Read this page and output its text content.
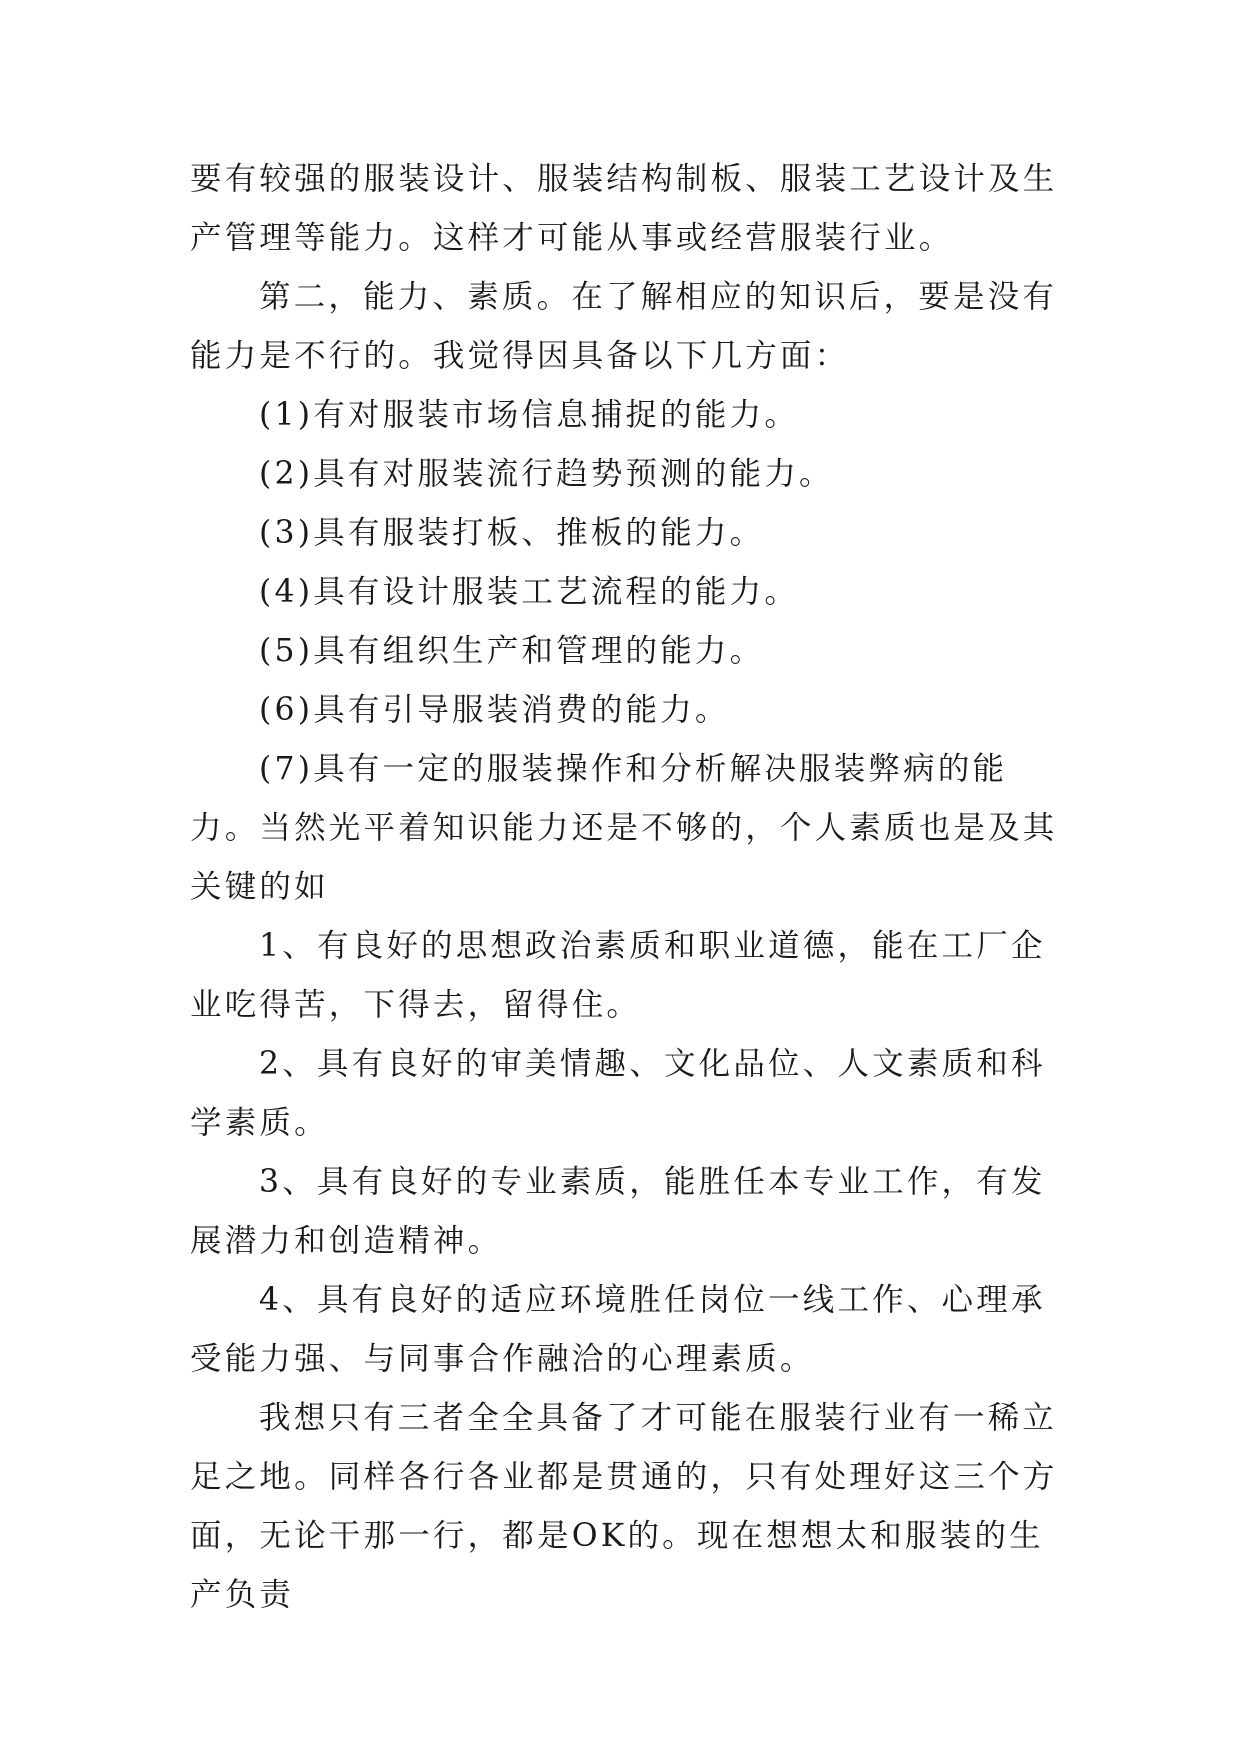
要有较强的服装设计、服装结构制板、服装工艺设计及生产管理等能力。这样才可能从事或经营服装行业。

第二，能力、素质。在了解相应的知识后，要是没有能力是不行的。我觉得因具备以下几方面：

(1)有对服装市场信息捕捉的能力。

(2)具有对服装流行趋势预测的能力。

(3)具有服装打板、推板的能力。

(4)具有设计服装工艺流程的能力。

(5)具有组织生产和管理的能力。

(6)具有引导服装消费的能力。

(7)具有一定的服装操作和分析解决服装弊病的能力。当然光平着知识能力还是不够的，个人素质也是及其关键的如

1、有良好的思想政治素质和职业道德，能在工厂企业吃得苦，下得去，留得住。

2、具有良好的审美情趣、文化品位、人文素质和科学素质。

3、具有良好的专业素质，能胜任本专业工作，有发展潜力和创造精神。

4、具有良好的适应环境胜任岗位一线工作、心理承受能力强、与同事合作融洽的心理素质。

我想只有三者全全具备了才可能在服装行业有一稀立足之地。同样各行各业都是贯通的，只有处理好这三个方面，无论干那一行，都是OK的。现在想想太和服装的生产负责
